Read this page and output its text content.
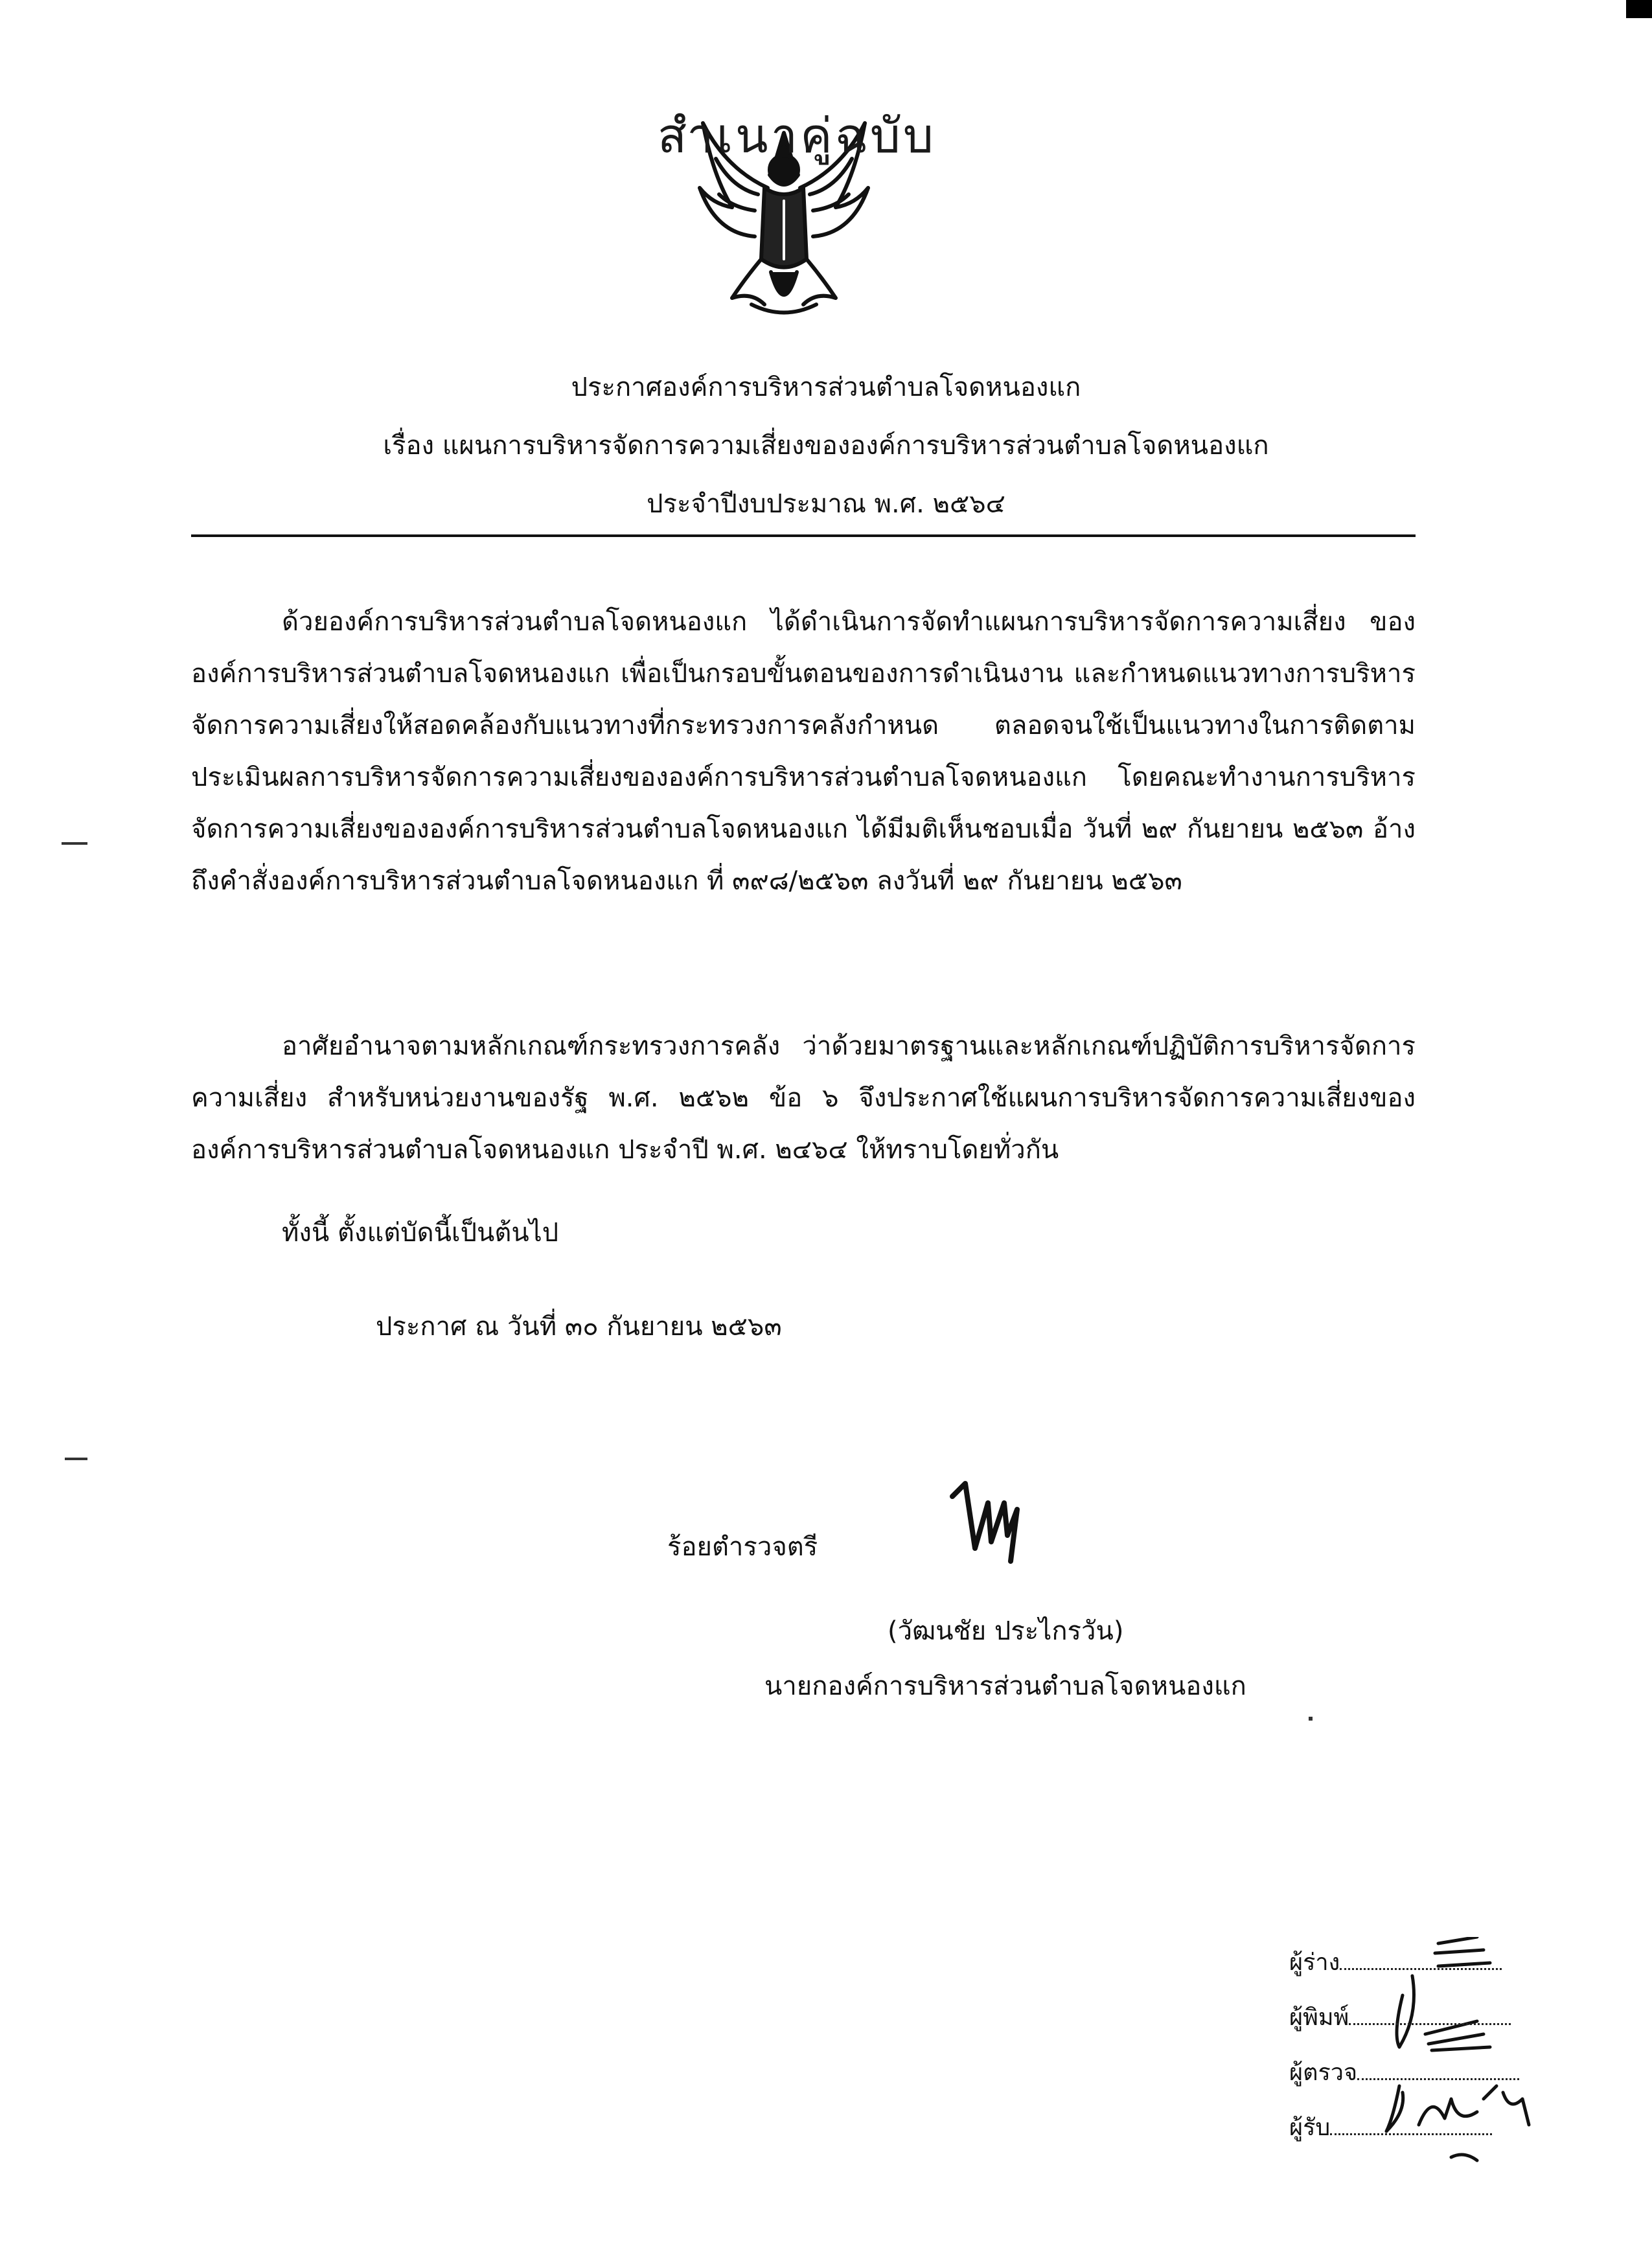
สำเนาคู่ฉบับ
ประกาศองค์การบริหารส่วนตำบลโจดหนองแก
เรื่อง แผนการบริหารจัดการความเสี่ยงขององค์การบริหารส่วนตำบลโจดหนองแก
ประจำปีงบประมาณ พ.ศ. ๒๕๖๔

ด้วยองค์การบริหารส่วนตำบลโจดหนองแก ได้ดำเนินการจัดทำแผนการบริหารจัดการความเสี่ยง ขององค์การบริหารส่วนตำบลโจดหนองแก เพื่อเป็นกรอบขั้นตอนของการดำเนินงาน และกำหนดแนวทางการบริหารจัดการความเสี่ยงให้สอดคล้องกับแนวทางที่กระทรวงการคลังกำหนด ตลอดจนใช้เป็นแนวทางในการติดตามประเมินผลการบริหารจัดการความเสี่ยงขององค์การบริหารส่วนตำบลโจดหนองแก โดยคณะทำงานการบริหารจัดการความเสี่ยงขององค์การบริหารส่วนตำบลโจดหนองแก ได้มีมติเห็นชอบเมื่อ วันที่ ๒๙ กันยายน ๒๕๖๓ อ้างถึงคำสั่งองค์การบริหารส่วนตำบลโจดหนองแก ที่ ๓๙๘/๒๕๖๓ ลงวันที่ ๒๙ กันยายน ๒๕๖๓

อาศัยอำนาจตามหลักเกณฑ์กระทรวงการคลัง ว่าด้วยมาตรฐานและหลักเกณฑ์ปฏิบัติการบริหารจัดการความเสี่ยง สำหรับหน่วยงานของรัฐ พ.ศ. ๒๕๖๒ ข้อ ๖ จึงประกาศใช้แผนการบริหารจัดการความเสี่ยงขององค์การบริหารส่วนตำบลโจดหนองแก ประจำปี พ.ศ. ๒๔๖๔ ให้ทราบโดยทั่วกัน

ทั้งนี้ ตั้งแต่บัดนี้เป็นต้นไป
ประกาศ ณ วันที่ ๓๐ กันยายน ๒๕๖๓
ร้อยตำรวจตรี
(วัฒนชัย ประไกรวัน)
นายกองค์การบริหารส่วนตำบลโจดหนองแก
ผู้ร่าง
ผู้พิมพ์
ผู้ตรวจ
ผู้รับ
